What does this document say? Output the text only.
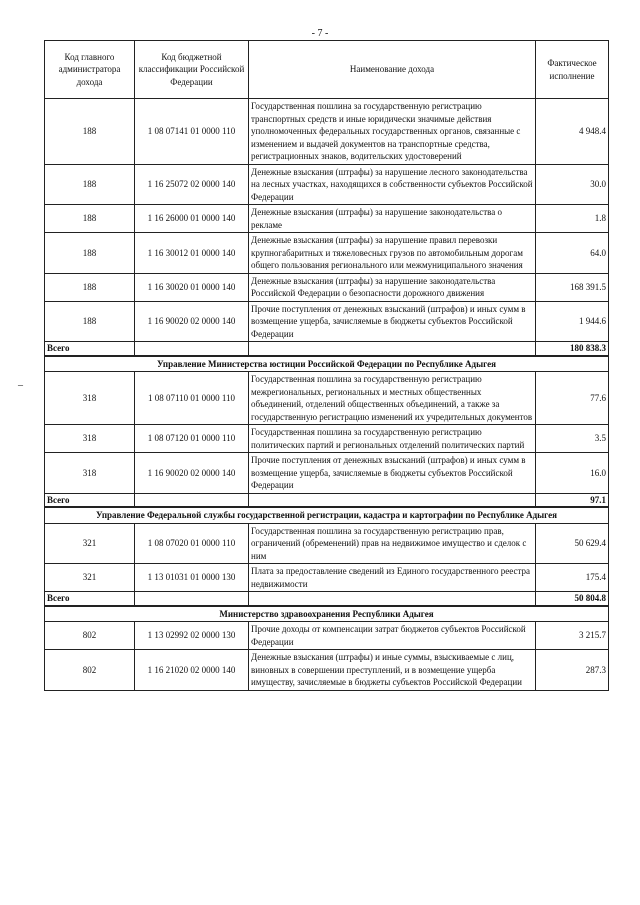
- 7 -
–
Код главного администратора дохода	Код бюджетной классификации Российской Федерации	Наименование дохода	Фактическое исполнение
188	1 08 07141 01 0000 110	Государственная пошлина за государственную регистрацию транспортных средств и иные юридически значимые действия уполномоченных федеральных государственных органов, связанные с изменением и выдачей документов на транспортные средства, регистрационных знаков, водительских удостоверений	4 948.4
188	1 16 25072 02 0000 140	Денежные взыскания (штрафы) за нарушение лесного законодательства на лесных участках, находящихся в собственности субъектов Российской Федерации	30.0
188	1 16 26000 01 0000 140	Денежные взыскания (штрафы) за нарушение законодательства о рекламе	1.8
188	1 16 30012 01 0000 140	Денежные взыскания (штрафы) за нарушение правил перевозки крупногабаритных и тяжеловесных грузов по автомобильным дорогам общего пользования регионального или межмуниципального значения	64.0
188	1 16 30020 01 0000 140	Денежные взыскания (штрафы) за нарушение законодательства Российской Федерации о безопасности дорожного движения	168 391.5
188	1 16 90020 02 0000 140	Прочие поступления от денежных взысканий (штрафов) и иных сумм в возмещение ущерба, зачисляемые в бюджеты субъектов Российской Федерации	1 944.6
Всего			180 838.3
Управление Министерства юстиции Российской Федерации по Республике Адыгея			
318	1 08 07110 01 0000 110	Государственная пошлина за государственную регистрацию межрегиональных, региональных и местных общественных объединений, отделений общественных объединений, а также за государственную регистрацию изменений их учредительных документов	77.6
318	1 08 07120 01 0000 110	Государственная пошлина за государственную регистрацию политических партий и региональных отделений политических партий	3.5
318	1 16 90020 02 0000 140	Прочие поступления от денежных взысканий (штрафов) и иных сумм в возмещение ущерба, зачисляемые в бюджеты субъектов Российской Федерации	16.0
Всего			97.1
Управление Федеральной службы государственной регистрации, кадастра и картографии по Республике Адыгея			
321	1 08 07020 01 0000 110	Государственная пошлина за государственную регистрацию прав, ограничений (обременений) прав на недвижимое имущество и сделок с ним	50 629.4
321	1 13 01031 01 0000 130	Плата за предоставление сведений из Единого государственного реестра недвижимости	175.4
Всего			50 804.8
Министерство здравоохранения Республики Адыгея			
802	1 13 02992 02 0000 130	Прочие доходы от компенсации затрат бюджетов субъектов Российской Федерации	3 215.7
802	1 16 21020 02 0000 140	Денежные взыскания (штрафы) и иные суммы, взыскиваемые с лиц, виновных в совершении преступлений, и в возмещение ущерба имуществу, зачисляемые в бюджеты субъектов Российской Федерации	287.3
